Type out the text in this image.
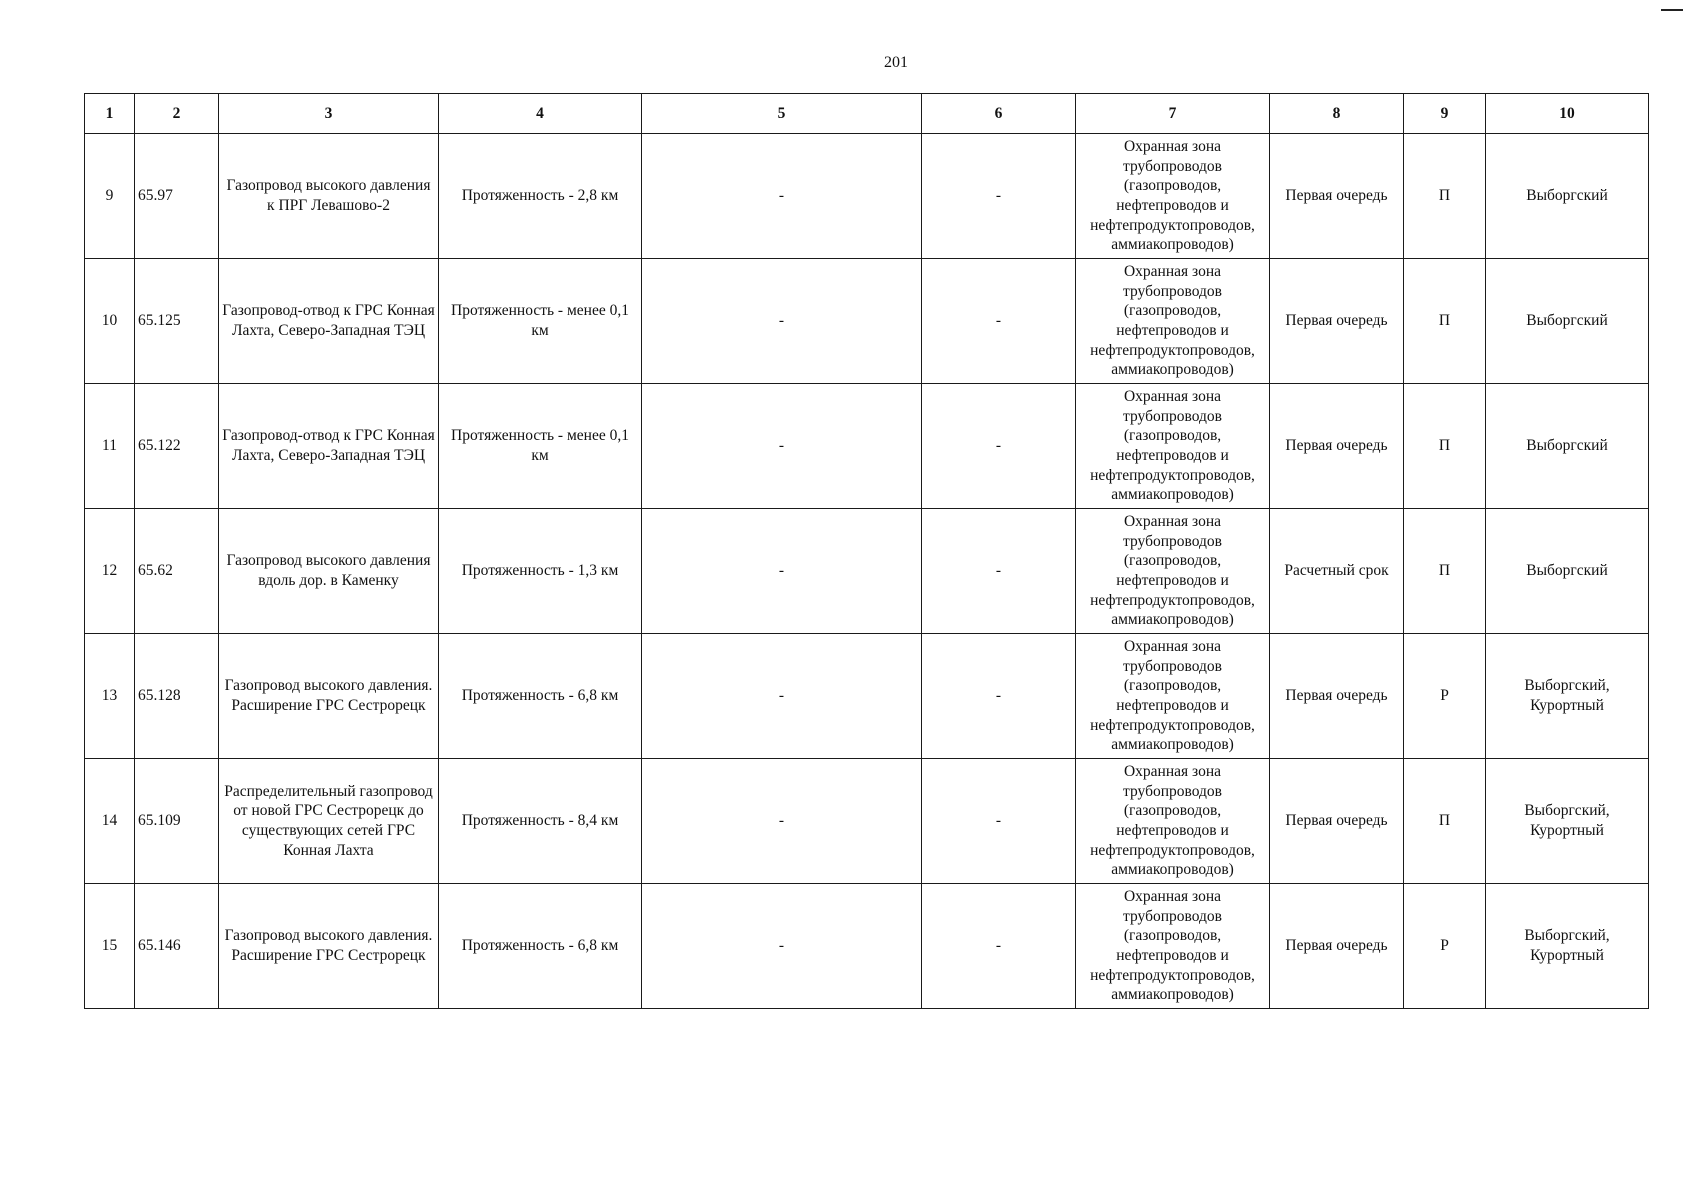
201
1	2	3	4	5	6	7	8	9	10
9	65.97	Газопровод высокого давления к ПРГ Левашово-2	Протяженность - 2,8 км	-	-	Охранная зона трубопроводов (газопроводов, нефтепроводов и нефтепродуктопроводов, аммиакопроводов)	Первая очередь	П	Выборгский
10	65.125	Газопровод-отвод к ГРС Конная Лахта, Северо-Западная ТЭЦ	Протяженность - менее 0,1 км	-	-	Охранная зона трубопроводов (газопроводов, нефтепроводов и нефтепродуктопроводов, аммиакопроводов)	Первая очередь	П	Выборгский
11	65.122	Газопровод-отвод к ГРС Конная Лахта, Северо-Западная ТЭЦ	Протяженность - менее 0,1 км	-	-	Охранная зона трубопроводов (газопроводов, нефтепроводов и нефтепродуктопроводов, аммиакопроводов)	Первая очередь	П	Выборгский
12	65.62	Газопровод высокого давления вдоль дор. в Каменку	Протяженность - 1,3 км	-	-	Охранная зона трубопроводов (газопроводов, нефтепроводов и нефтепродуктопроводов, аммиакопроводов)	Расчетный срок	П	Выборгский
13	65.128	Газопровод высокого давления. Расширение ГРС Сестрорецк	Протяженность - 6,8 км	-	-	Охранная зона трубопроводов (газопроводов, нефтепроводов и нефтепродуктопроводов, аммиакопроводов)	Первая очередь	Р	Выборгский, Курортный
14	65.109	Распределительный газопровод от новой ГРС Сестрорецк до существующих сетей ГРС Конная Лахта	Протяженность - 8,4 км	-	-	Охранная зона трубопроводов (газопроводов, нефтепроводов и нефтепродуктопроводов, аммиакопроводов)	Первая очередь	П	Выборгский, Курортный
15	65.146	Газопровод высокого давления. Расширение ГРС Сестрорецк	Протяженность - 6,8 км	-	-	Охранная зона трубопроводов (газопроводов, нефтепроводов и нефтепродуктопроводов, аммиакопроводов)	Первая очередь	Р	Выборгский, Курортный
